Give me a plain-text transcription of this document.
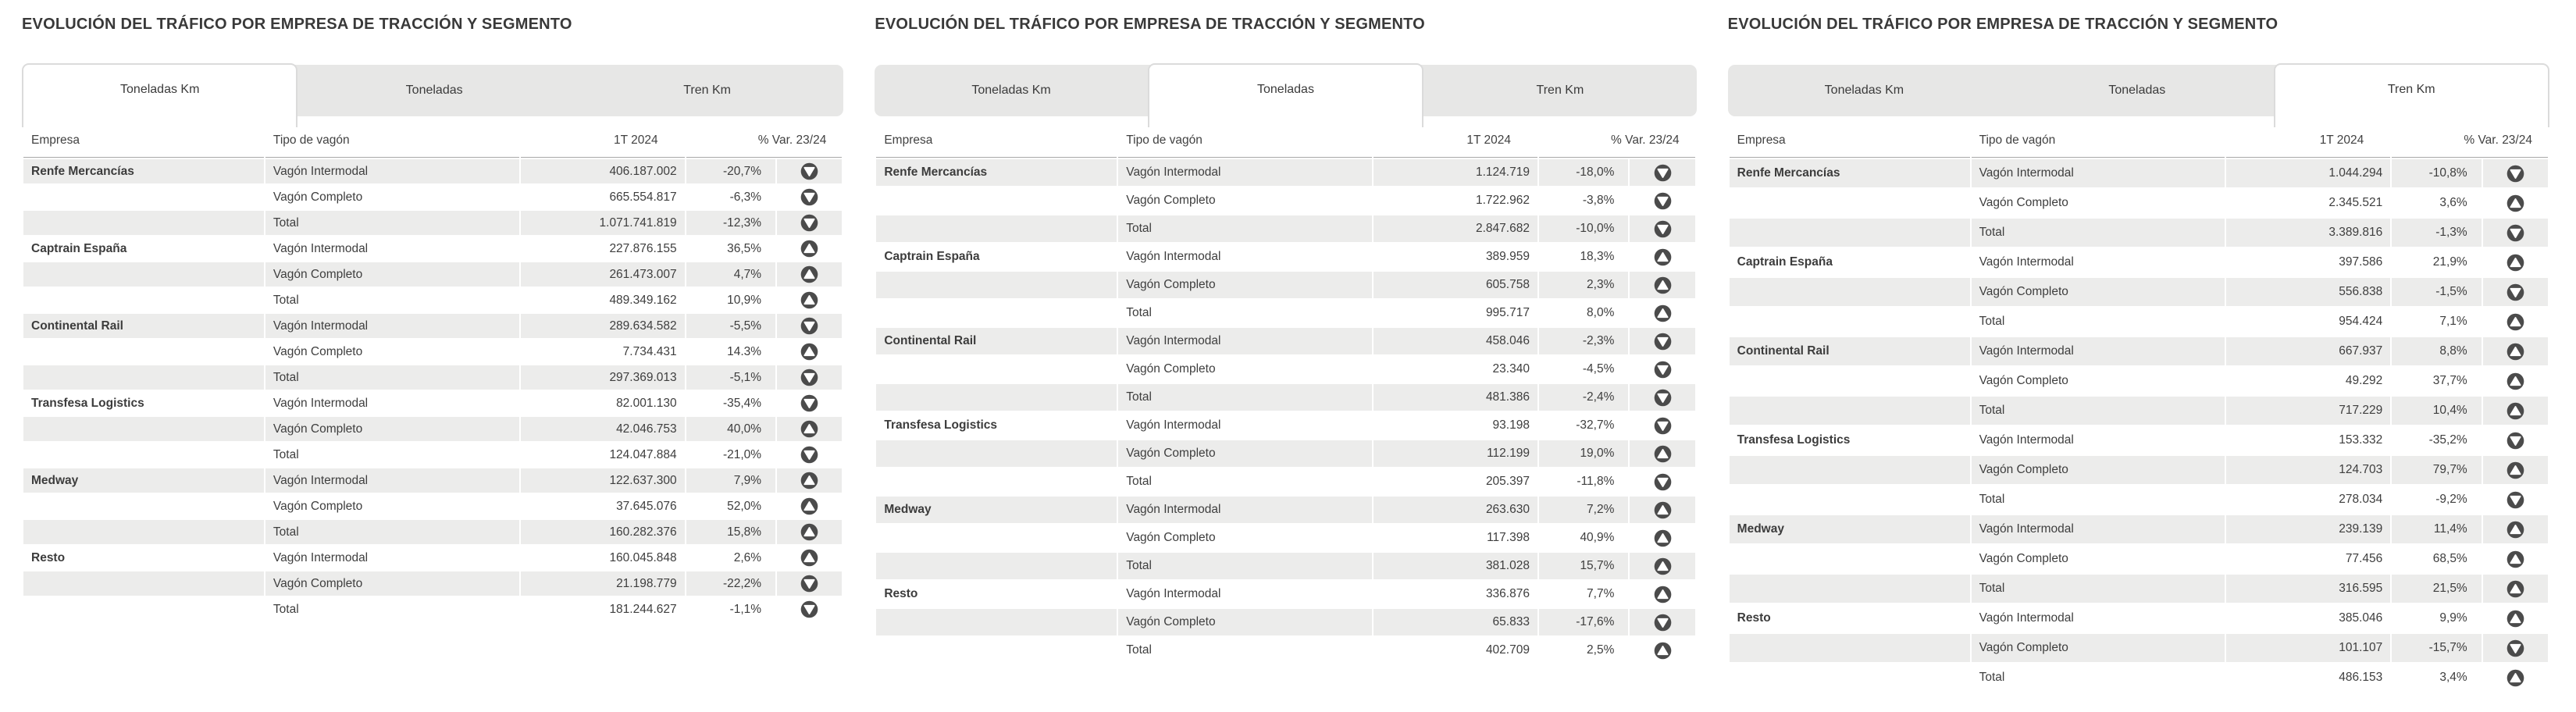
EVOLUCIÓN DEL TRÁFICO POR EMPRESA DE TRACCIÓN Y SEGMENTO
Toneladas Km	Toneladas	Tren Km
Empresa	Tipo de vagón	1T 2024	% Var. 23/24	
Renfe Mercancías	Vagón Intermodal	406.187.002	-20,7%	
	Vagón Completo	665.554.817	-6,3%	
	Total	1.071.741.819	-12,3%	
Captrain España	Vagón Intermodal	227.876.155	36,5%	
	Vagón Completo	261.473.007	4,7%	
	Total	489.349.162	10,9%	
Continental Rail	Vagón Intermodal	289.634.582	-5,5%	
	Vagón Completo	7.734.431	14.3%	
	Total	297.369.013	-5,1%	
Transfesa Logistics	Vagón Intermodal	82.001.130	-35,4%	
	Vagón Completo	42.046.753	40,0%	
	Total	124.047.884	-21,0%	
Medway	Vagón Intermodal	122.637.300	7,9%	
	Vagón Completo	37.645.076	52,0%	
	Total	160.282.376	15,8%	
Resto	Vagón Intermodal	160.045.848	2,6%	
	Vagón Completo	21.198.779	-22,2%	
	Total	181.244.627	-1,1%	
EVOLUCIÓN DEL TRÁFICO POR EMPRESA DE TRACCIÓN Y SEGMENTO
Toneladas Km	Toneladas	Tren Km
Empresa	Tipo de vagón	1T 2024	% Var. 23/24	
Renfe Mercancías	Vagón Intermodal	1.124.719	-18,0%	
	Vagón Completo	1.722.962	-3,8%	
	Total	2.847.682	-10,0%	
Captrain España	Vagón Intermodal	389.959	18,3%	
	Vagón Completo	605.758	2,3%	
	Total	995.717	8,0%	
Continental Rail	Vagón Intermodal	458.046	-2,3%	
	Vagón Completo	23.340	-4,5%	
	Total	481.386	-2,4%	
Transfesa Logistics	Vagón Intermodal	93.198	-32,7%	
	Vagón Completo	112.199	19,0%	
	Total	205.397	-11,8%	
Medway	Vagón Intermodal	263.630	7,2%	
	Vagón Completo	117.398	40,9%	
	Total	381.028	15,7%	
Resto	Vagón Intermodal	336.876	7,7%	
	Vagón Completo	65.833	-17,6%	
	Total	402.709	2,5%	
EVOLUCIÓN DEL TRÁFICO POR EMPRESA DE TRACCIÓN Y SEGMENTO
Toneladas Km	Toneladas	Tren Km
Empresa	Tipo de vagón	1T 2024	% Var. 23/24	
Renfe Mercancías	Vagón Intermodal	1.044.294	-10,8%	
	Vagón Completo	2.345.521	3,6%	
	Total	3.389.816	-1,3%	
Captrain España	Vagón Intermodal	397.586	21,9%	
	Vagón Completo	556.838	-1,5%	
	Total	954.424	7,1%	
Continental Rail	Vagón Intermodal	667.937	8,8%	
	Vagón Completo	49.292	37,7%	
	Total	717.229	10,4%	
Transfesa Logistics	Vagón Intermodal	153.332	-35,2%	
	Vagón Completo	124.703	79,7%	
	Total	278.034	-9,2%	
Medway	Vagón Intermodal	239.139	11,4%	
	Vagón Completo	77.456	68,5%	
	Total	316.595	21,5%	
Resto	Vagón Intermodal	385.046	9,9%	
	Vagón Completo	101.107	-15,7%	
	Total	486.153	3,4%	
